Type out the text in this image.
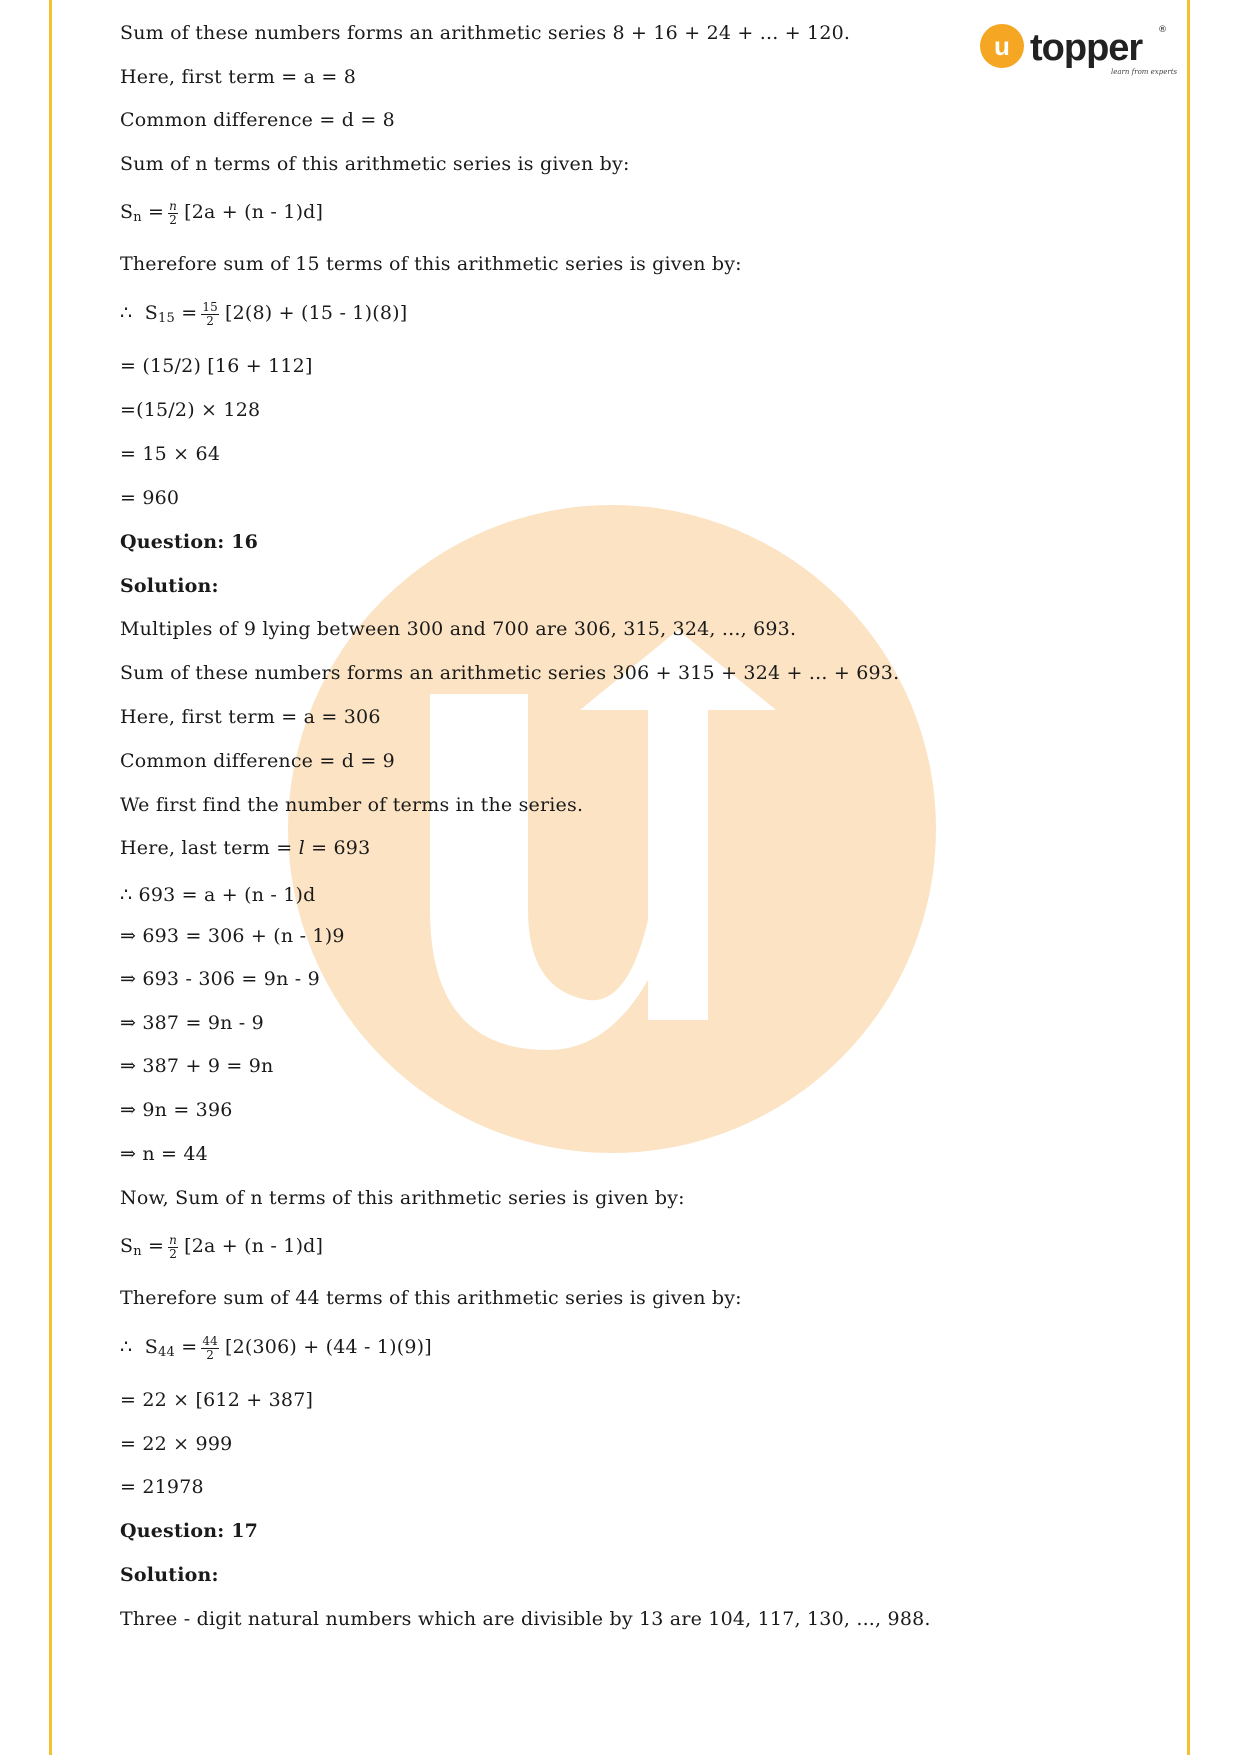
u topper
learn from experts
®
Sum of these numbers forms an arithmetic series 8 + 16 + 24 + ... + 120.
Here, first term = a = 8
Common difference = d = 8
Sum of n terms of this arithmetic series is given by:
$S_n = \frac{n}{2} [2a + (n - 1)d]$
Therefore sum of 15 terms of this arithmetic series is given by:
∴ $S_{15} = \frac{15}{2} [2(8) + (15 - 1)(8)]$
= (15/2) [16 + 112]
=(15/2) × 128
= 15 × 64
= 960
Question: 16
Solution:
Multiples of 9 lying between 300 and 700 are 306, 315, 324, ..., 693.
Sum of these numbers forms an arithmetic series 306 + 315 + 324 + ... + 693.
Here, first term = a = 306
Common difference = d = 9
We first find the number of terms in the series.
Here, last term = l = 693
∴ 693 = a + (n - 1)d
⇒ 693 = 306 + (n - 1)9
⇒ 693 - 306 = 9n - 9
⇒ 387 = 9n - 9
⇒ 387 + 9 = 9n
⇒ 9n = 396
⇒ n = 44
Now, Sum of n terms of this arithmetic series is given by:
$S_n = \frac{n}{2} [2a + (n - 1)d]$
Therefore sum of 44 terms of this arithmetic series is given by:
∴ $S_{44} = \frac{44}{2} [2(306) + (44 - 1)(9)]$
= 22 × [612 + 387]
= 22 × 999
= 21978
Question: 17
Solution:
Three - digit natural numbers which are divisible by 13 are 104, 117, 130, ..., 988.
